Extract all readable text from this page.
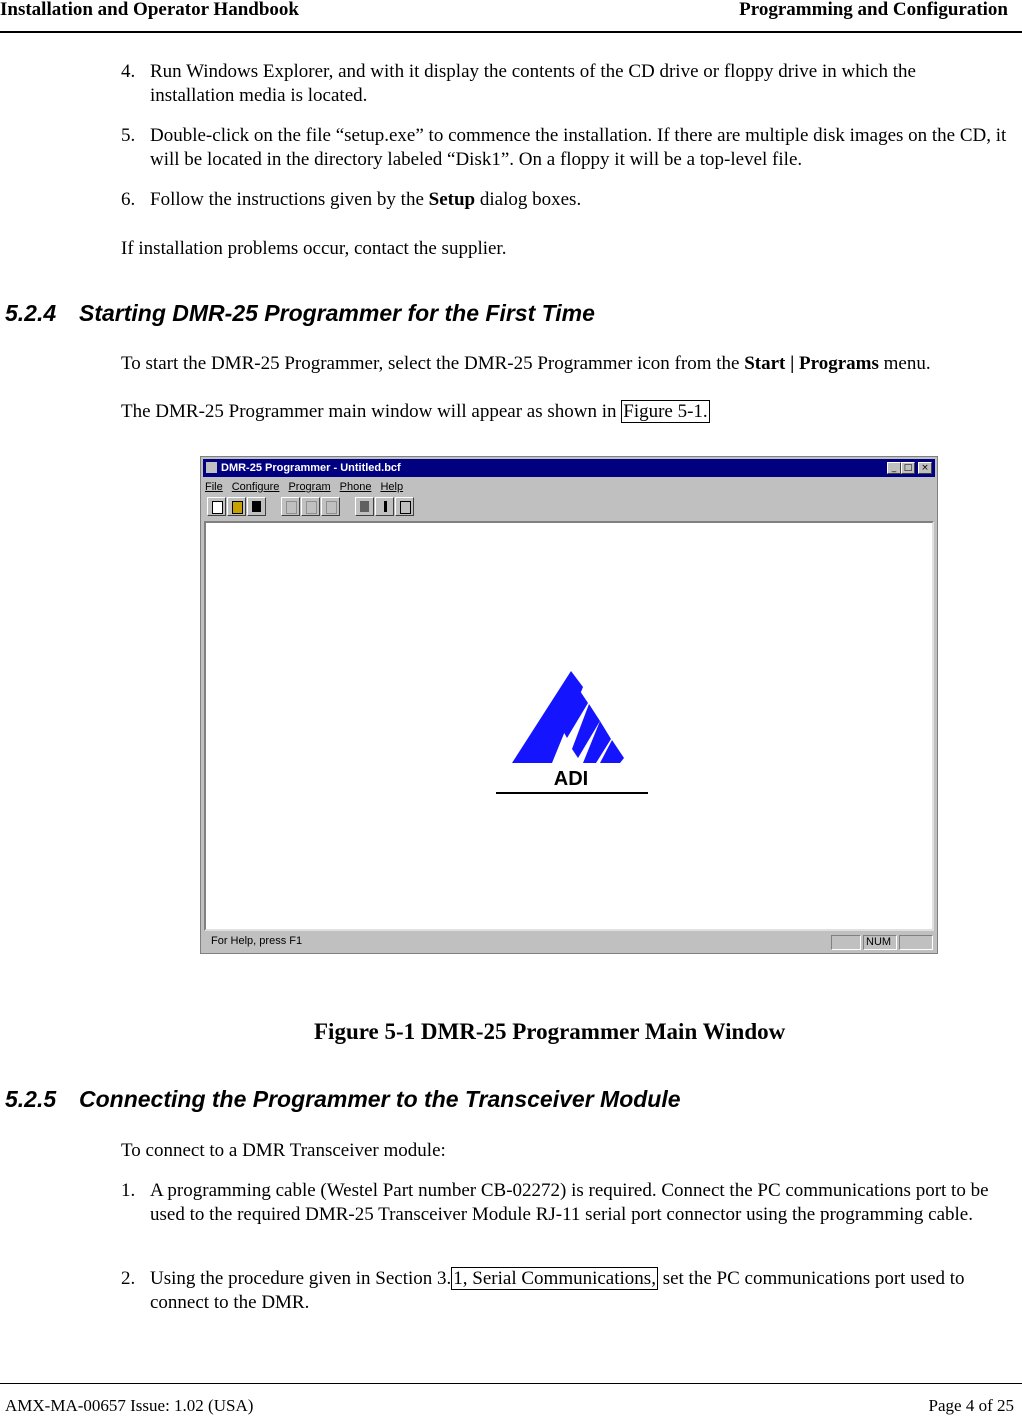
Installation and Operator Handbook	Programming and Configuration
4. Run Windows Explorer, and with it display the contents of the CD drive or floppy drive in which the installation media is located.
5. Double-click on the file “setup.exe” to commence the installation. If there are multiple disk images on the CD, it will be located in the directory labeled “Disk1”. On a floppy it will be a top-level file.
6. Follow the instructions given by the Setup dialog boxes.
If installation problems occur, contact the supplier.
5.2.4 Starting DMR-25 Programmer for the First Time
To start the DMR-25 Programmer, select the DMR-25 Programmer icon from the Start | Programs menu.
The DMR-25 Programmer main window will appear as shown in Figure 5-1.
DMR-25 Programmer - Untitled.bcf	_ □ ×
File Configure Program Phone Help
ADI
For Help, press F1	NUM
Figure 5-1 DMR-25 Programmer Main Window
5.2.5 Connecting the Programmer to the Transceiver Module
To connect to a DMR Transceiver module:
1. A programming cable (Westel Part number CB-02272) is required. Connect the PC communications port to be used to the required DMR-25 Transceiver Module RJ-11 serial port connector using the programming cable.
2. Using the procedure given in Section 3. 1, Serial Communications, set the PC communications port used to connect to the DMR.
AMX-MA-00657 Issue: 1.02 (USA)	Page 4 of 25
